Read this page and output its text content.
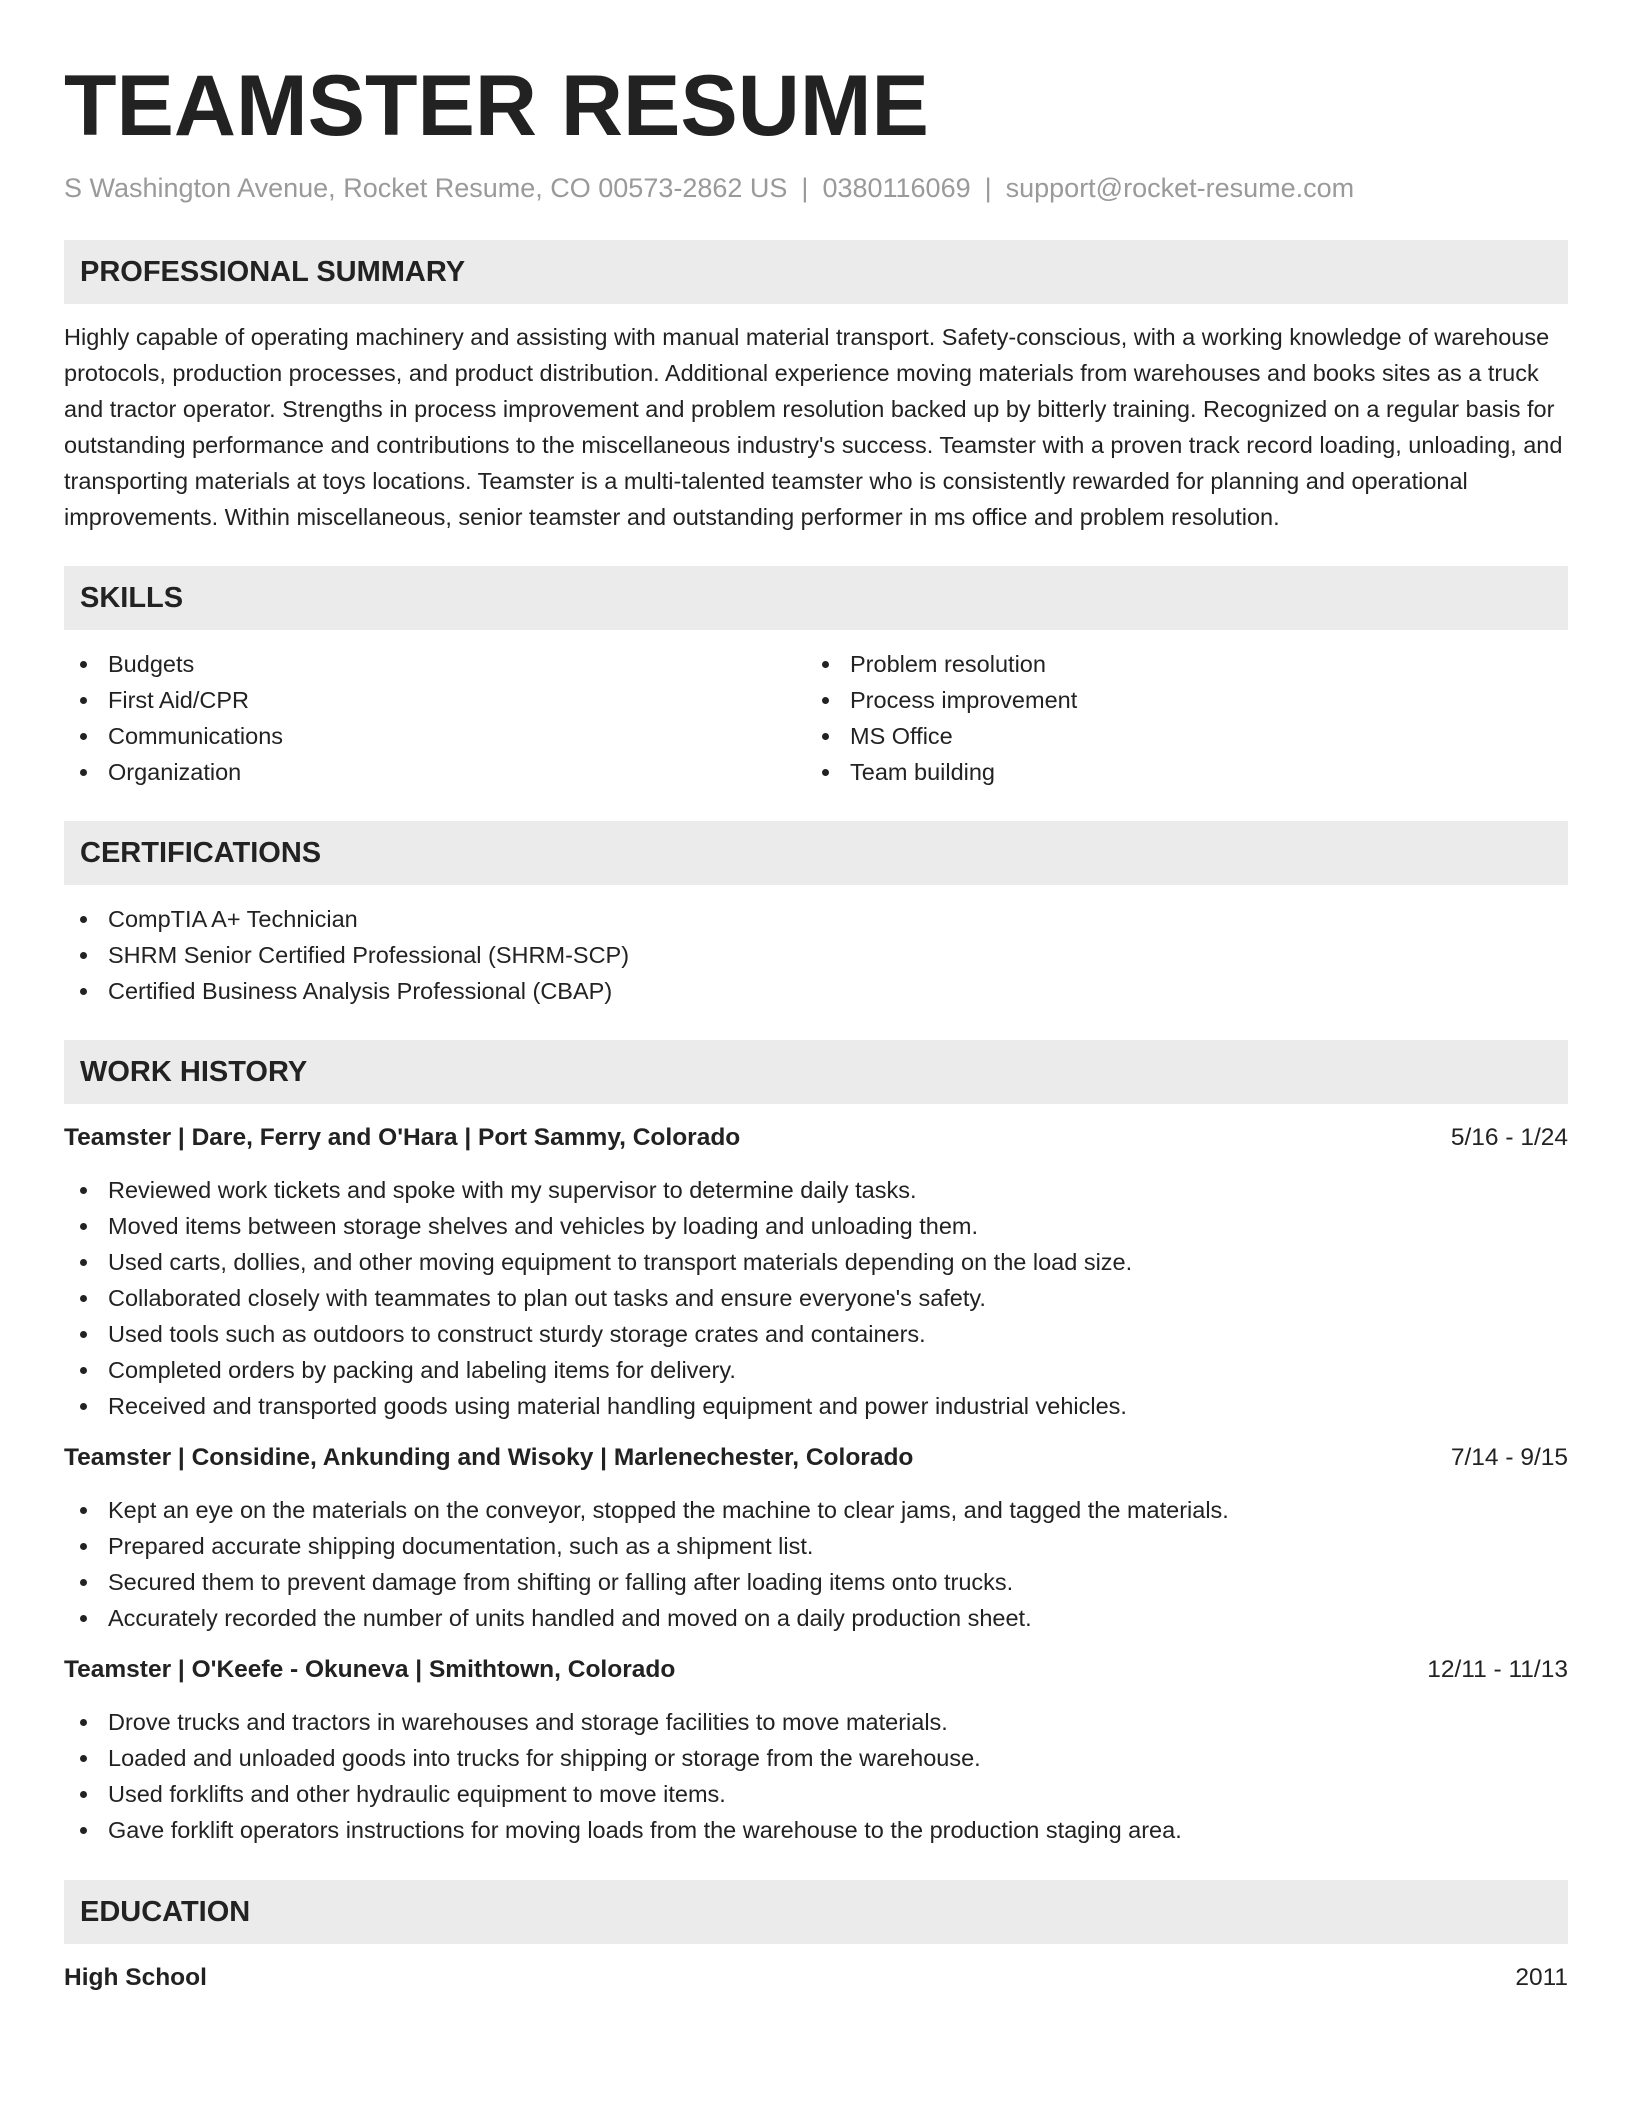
TEAMSTER RESUME
S Washington Avenue, Rocket Resume, CO 00573-2862 US | 0380116069 | support@rocket-resume.com
PROFESSIONAL SUMMARY

Highly capable of operating machinery and assisting with manual material transport. Safety-conscious, with a working knowledge of warehouse protocols, production processes, and product distribution. Additional experience moving materials from warehouses and books sites as a truck and tractor operator. Strengths in process improvement and problem resolution backed up by bitterly training. Recognized on a regular basis for outstanding performance and contributions to the miscellaneous industry's success. Teamster with a proven track record loading, unloading, and transporting materials at toys locations. Teamster is a multi-talented teamster who is consistently rewarded for planning and operational improvements. Within miscellaneous, senior teamster and outstanding performer in ms office and problem resolution.

SKILLS
Budgets
First Aid/CPR
Communications
Organization
Problem resolution
Process improvement
MS Office
Team building
CERTIFICATIONS
CompTIA A+ Technician
SHRM Senior Certified Professional (SHRM-SCP)
Certified Business Analysis Professional (CBAP)
WORK HISTORY
Teamster | Dare, Ferry and O'Hara | Port Sammy, Colorado	5/16 - 1/24
Reviewed work tickets and spoke with my supervisor to determine daily tasks.
Moved items between storage shelves and vehicles by loading and unloading them.
Used carts, dollies, and other moving equipment to transport materials depending on the load size.
Collaborated closely with teammates to plan out tasks and ensure everyone's safety.
Used tools such as outdoors to construct sturdy storage crates and containers.
Completed orders by packing and labeling items for delivery.
Received and transported goods using material handling equipment and power industrial vehicles.
Teamster | Considine, Ankunding and Wisoky | Marlenechester, Colorado	7/14 - 9/15
Kept an eye on the materials on the conveyor, stopped the machine to clear jams, and tagged the materials.
Prepared accurate shipping documentation, such as a shipment list.
Secured them to prevent damage from shifting or falling after loading items onto trucks.
Accurately recorded the number of units handled and moved on a daily production sheet.
Teamster | O'Keefe - Okuneva | Smithtown, Colorado	12/11 - 11/13
Drove trucks and tractors in warehouses and storage facilities to move materials.
Loaded and unloaded goods into trucks for shipping or storage from the warehouse.
Used forklifts and other hydraulic equipment to move items.
Gave forklift operators instructions for moving loads from the warehouse to the production staging area.
EDUCATION
High School	2011
